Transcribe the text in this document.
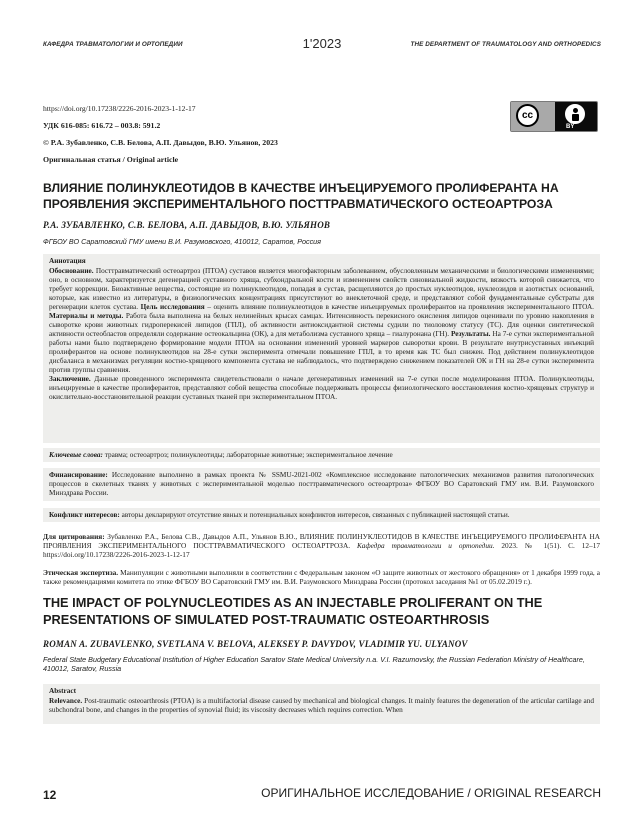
КАФЕДРА ТРАВМАТОЛОГИИ И ОРТОПЕДИИ	1'2023	THE DEPARTMENT OF TRAUMATOLOGY AND ORTHOPEDICS
https://doi.org/10.17238/2226-2016-2023-1-12-17
УДК 616-085: 616.72 – 003.8: 591.2
© Р.А. Зубавленко, С.В. Белова, А.П. Давыдов, В.Ю. Ульянов, 2023
Оригинальная статья / Original article
cc
BY
ВЛИЯНИЕ ПОЛИНУКЛЕОТИДОВ В КАЧЕСТВЕ ИНЪЕЦИРУЕМОГО ПРОЛИФЕРАНТА НА ПРОЯВЛЕНИЯ ЭКСПЕРИМЕНТАЛЬНОГО ПОСТТРАВМАТИЧЕСКОГО ОСТЕОАРТРОЗА
Р.А. ЗУБАВЛЕНКО, С.В. БЕЛОВА, А.П. ДАВЫДОВ, В.Ю. УЛЬЯНОВ
ФГБОУ ВО Саратовский ГМУ имени В.И. Разумовского, 410012, Саратов, Россия
Аннотация
Обоснование. Посттравматический остеоартроз (ПТОА) суставов является многофакторным заболеванием, обусловленным механическими и биологическими изменениями; оно, в основном, характеризуется дегенерацией суставного хряща, субхондральной кости и изменением свойств синовиальной жидкости, вязкость которой снижается, что требует коррекции. Биоактивные вещества, состоящие из полинуклеотидов, попадая в сустав, расщепляются до простых нуклеотидов, нуклеозидов и азотистых оснований, которые, как известно из литературы, в физиологических концентрациях присутствуют во внеклеточной среде, и представляют собой фундаментальные субстраты для регенерации клеток сустава. Цель исследования – оценить влияние полинуклеотидов в качестве инъецируемых пролиферантов на проявления экспериментального ПТОА. Материалы и методы. Работа была выполнена на белых нелинейных крысах самцах. Интенсивность перекисного окисления липидов оценивали по уровню накопления в сыворотке крови животных гидроперекисей липидов (ГПЛ), об активности антиоксидантной системы судили по тиоловому статусу (ТС). Для оценки синтетической активности остеобластов определяли содержание остеокальцина (ОК), а для метаболизма суставного хряща – гиалуронана (ГН). Результаты. На 7-е сутки экспериментальной работы нами было подтверждено формирование модели ПТОА на основании изменений уровней маркеров сыворотки крови. В результате внутрисуставных инъекций пролиферантов на основе полинуклеотидов на 28-е сутки эксперимента отмечали повышение ГПЛ, в то время как ТС был снижен. Под действием полинуклеотидов дисбаланса в механизмах регуляции костно-хрящевого компонента сустава не наблюдалось, что подтверждено снижением показателей ОК и ГН на 28-е сутки эксперимента против группы сравнения.
Заключение. Данные проведенного эксперимента свидетельствовали о начале дегенеративных изменений на 7-е сутки после моделирования ПТОА. Полинуклеотиды, инъецируемые в качестве пролиферантов, представляют собой вещества способные поддерживать процессы физиологического восстановления костно-хрящевых структур и окислительно-восстановительной реакции суставных тканей при экспериментальном ПТОА.
Ключевые слова: травма; остеоартроз; полинуклеотиды; лабораторные животные; экспериментальное лечение
Финансирование: Исследование выполнено в рамках проекта № SSMU-2021-002 «Комплексное исследование патологических механизмов развития патологических процессов в скелетных тканях у животных с экспериментальной моделью посттравматического остеоартроза» ФГБОУ ВО Саратовский ГМУ им. В.И. Разумовского Минздрава России.
Конфликт интересов: авторы декларируют отсутствие явных и потенциальных конфликтов интересов, связанных с публикацией настоящей статьи.
Для цитирования: Зубавленко Р.А., Белова С.В., Давыдов А.П., Ульянов В.Ю., ВЛИЯНИЕ ПОЛИНУКЛЕОТИДОВ В КАЧЕСТВЕ ИНЪЕЦИРУЕМОГО ПРОЛИФЕРАНТА НА ПРОЯВЛЕНИЯ ЭКСПЕРИМЕНТАЛЬНОГО ПОСТТРАВМАТИЧЕСКОГО ОСТЕОАРТРОЗА. Кафедра травматологии и ортопедии. 2023. № 1(51). С. 12–17 https://doi.org/10.17238/2226-2016-2023-1-12-17
Этическая экспертиза. Манипуляции с животными выполняли в соответствии с Федеральным законом «О защите животных от жестокого обращения» от 1 декабря 1999 года, а также рекомендациями комитета по этике ФГБОУ ВО Саратовский ГМУ им. В.И. Разумовского Минздрава России (протокол заседания №1 от 05.02.2019 г.).
THE IMPACT OF POLYNUCLEOTIDES AS AN INJECTABLE PROLIFERANT ON THE PRESENTATIONS OF SIMULATED POST-TRAUMATIC OSTEOARTHROSIS
ROMAN A. ZUBAVLENKO, SVETLANA V. BELOVA, ALEKSEY P. DAVYDOV, VLADIMIR YU. ULYANOV
Federal State Budgetary Educational Institution of Higher Education Saratov State Medical University n.a. V.I. Razumovsky, the Russian Federation Ministry of Healthcare, 410012, Saratov, Russia
Abstract
Relevance. Post-traumatic osteoarthrosis (PTOA) is a multifactorial disease caused by mechanical and biological changes. It mainly features the degeneration of the articular cartilage and subchondral bone, and changes in the properties of synovial fluid; its viscosity decreases which requires correction. When
12	ОРИГИНАЛЬНОЕ ИССЛЕДОВАНИЕ / ORIGINAL RESEARCH
